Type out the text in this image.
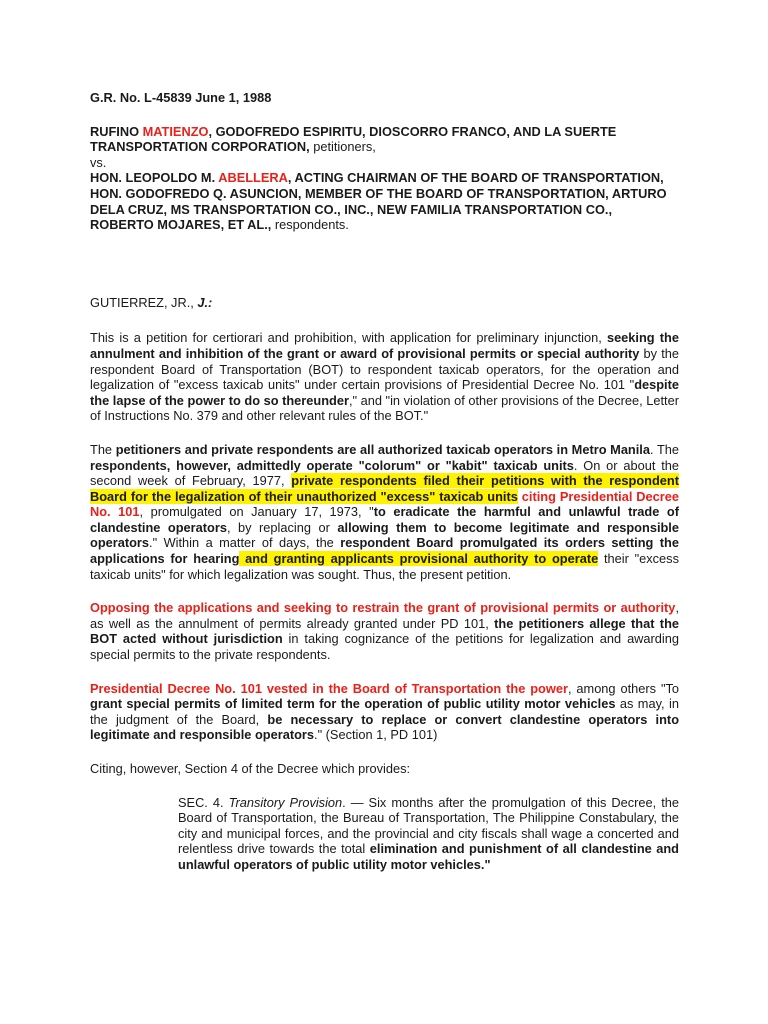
G.R. No. L-45839 June 1, 1988
RUFINO MATIENZO, GODOFREDO ESPIRITU, DIOSCORRO FRANCO, AND LA SUERTE TRANSPORTATION CORPORATION, petitioners,
vs.
HON. LEOPOLDO M. ABELLERA, ACTING CHAIRMAN OF THE BOARD OF TRANSPORTATION, HON. GODOFREDO Q. ASUNCION, MEMBER OF THE BOARD OF TRANSPORTATION, ARTURO DELA CRUZ, MS TRANSPORTATION CO., INC., NEW FAMILIA TRANSPORTATION CO., ROBERTO MOJARES, ET AL., respondents.
GUTIERREZ, JR., J.:

This is a petition for certiorari and prohibition, with application for preliminary injunction, seeking the annulment and inhibition of the grant or award of provisional permits or special authority by the respondent Board of Transportation (BOT) to respondent taxicab operators, for the operation and legalization of "excess taxicab units" under certain provisions of Presidential Decree No. 101 "despite the lapse of the power to do so thereunder," and "in violation of other provisions of the Decree, Letter of Instructions No. 379 and other relevant rules of the BOT."

The petitioners and private respondents are all authorized taxicab operators in Metro Manila. The respondents, however, admittedly operate "colorum" or "kabit" taxicab units. On or about the second week of February, 1977, private respondents filed their petitions with the respondent Board for the legalization of their unauthorized "excess" taxicab units citing Presidential Decree No. 101, promulgated on January 17, 1973, "to eradicate the harmful and unlawful trade of clandestine operators, by replacing or allowing them to become legitimate and responsible operators." Within a matter of days, the respondent Board promulgated its orders setting the applications for hearing and granting applicants provisional authority to operate their "excess taxicab units" for which legalization was sought. Thus, the present petition.

Opposing the applications and seeking to restrain the grant of provisional permits or authority, as well as the annulment of permits already granted under PD 101, the petitioners allege that the BOT acted without jurisdiction in taking cognizance of the petitions for legalization and awarding special permits to the private respondents.

Presidential Decree No. 101 vested in the Board of Transportation the power, among others "To grant special permits of limited term for the operation of public utility motor vehicles as may, in the judgment of the Board, be necessary to replace or convert clandestine operators into legitimate and responsible operators." (Section 1, PD 101)

Citing, however, Section 4 of the Decree which provides:

SEC. 4. Transitory Provision. — Six months after the promulgation of this Decree, the Board of Transportation, the Bureau of Transportation, The Philippine Constabulary, the city and municipal forces, and the provincial and city fiscals shall wage a concerted and relentless drive towards the total elimination and punishment of all clandestine and unlawful operators of public utility motor vehicles."
